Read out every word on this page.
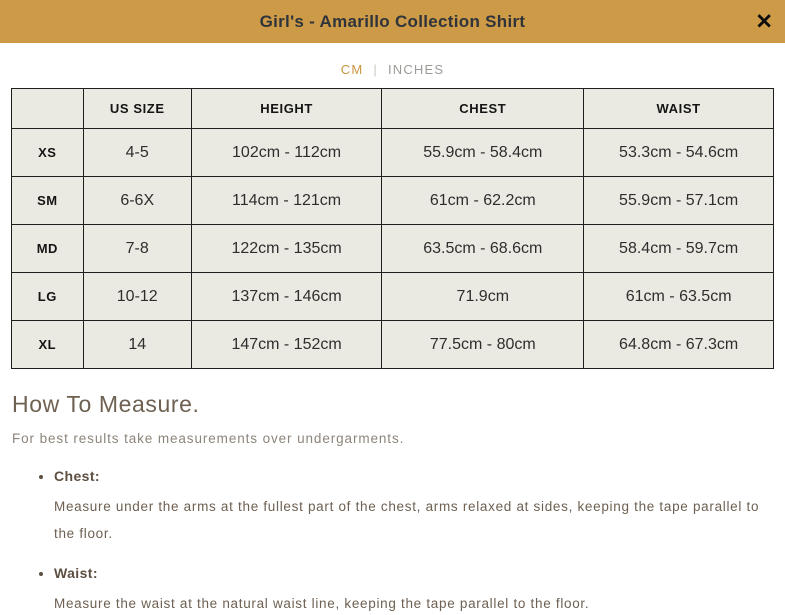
Girl's - Amarillo Collection Shirt	✕
CM | INCHES
	US SIZE	HEIGHT	CHEST	WAIST
XS	4-5	102cm - 112cm	55.9cm - 58.4cm	53.3cm - 54.6cm
SM	6-6X	114cm - 121cm	61cm - 62.2cm	55.9cm - 57.1cm
MD	7-8	122cm - 135cm	63.5cm - 68.6cm	58.4cm - 59.7cm
LG	10-12	137cm - 146cm	71.9cm	61cm - 63.5cm
XL	14	147cm - 152cm	77.5cm - 80cm	64.8cm - 67.3cm
How To Measure.

For best results take measurements over undergarments.

• Chest:

Measure under the arms at the fullest part of the chest, arms relaxed at sides, keeping the tape parallel to the floor.

• Waist:

Measure the waist at the natural waist line, keeping the tape parallel to the floor.
